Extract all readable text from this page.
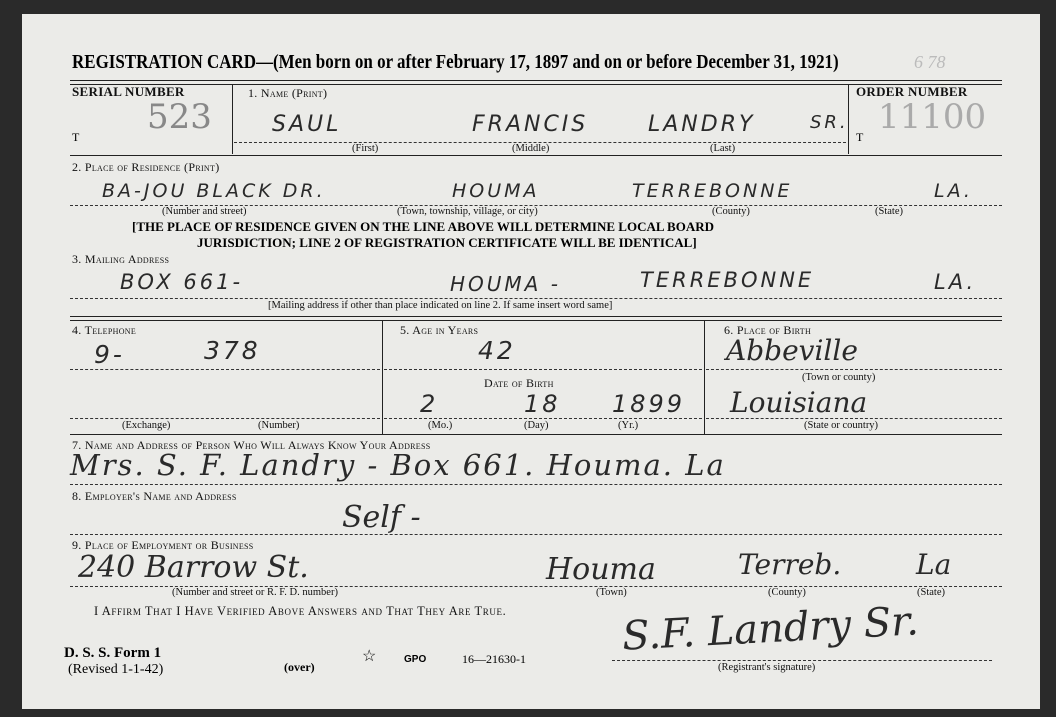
REGISTRATION CARD—(Men born on or after February 17, 1897 and on or before December 31, 1921)	6 78
SERIAL NUMBER
523
T
1. Name (Print)
SAUL	FRANCIS	LANDRY	SR.
(First)	(Middle)	(Last)
ORDER NUMBER
T 11100
2. Place of Residence (Print)
BA-JOU BLACK DR.	HOUMA	TERREBONNE	LA.
(Number and street)	(Town, township, village, or city)	(County)	(State)
[THE PLACE OF RESIDENCE GIVEN ON THE LINE ABOVE WILL DETERMINE LOCAL BOARD
JURISDICTION; LINE 2 OF REGISTRATION CERTIFICATE WILL BE IDENTICAL]
3. Mailing Address
BOX 661-	HOUMA -	TERREBONNE	LA.
[Mailing address if other than place indicated on line 2. If same insert word same]
4. Telephone
9-	378
(Exchange)	(Number)
5. Age in Years
42
Date of Birth
2	18 1899
(Mo.)	(Day)	(Yr.)
6. Place of Birth
Abbeville
(Town or county)
Louisiana
(State or country)
7. Name and Address of Person Who Will Always Know Your Address
Mrs. S. F. Landry - Box 661. Houma. La
8. Employer's Name and Address
Self -
9. Place of Employment or Business
240 Barrow St.	Houma	Terreb.	La
(Number and street or R. F. D. number)	(Town)	(County)	(State)
I Affirm That I Have Verified Above Answers and That They Are True.	S.F. Landry Sr.
(Registrant's signature)
D. S. S. Form 1
(Revised 1-1-42)	(over)
☆	GPO	16—21630-1
